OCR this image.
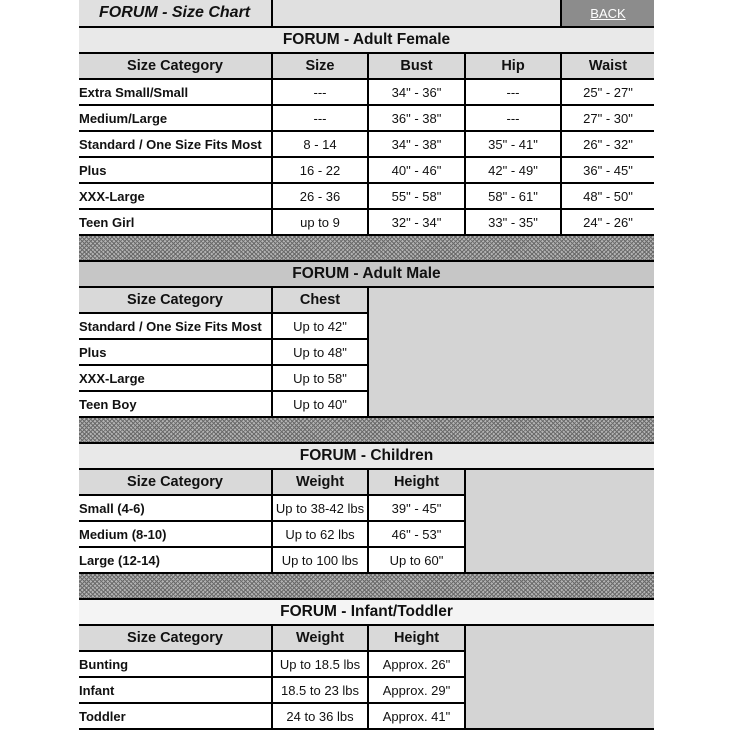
FORUM - Size Chart	BACK
FORUM - Adult Female
Size Category	Size	Bust	Hip	Waist
Extra Small/Small	---	34" - 36"	---	25" - 27"
Medium/Large	---	36" - 38"	---	27" - 30"
Standard / One Size Fits Most	8 - 14	34" - 38"	35" - 41"	26" - 32"
Plus	16 - 22	40" - 46"	42" - 49"	36" - 45"
XXX-Large	26 - 36	55" - 58"	58" - 61"	48" - 50"
Teen Girl	up to 9	32" - 34"	33" - 35"	24" - 26"
FORUM - Adult Male
Size Category	Chest
Standard / One Size Fits Most	Up to 42"
Plus	Up to 48"
XXX-Large	Up to 58"
Teen Boy	Up to 40"
FORUM - Children
Size Category	Weight	Height
Small (4-6)	Up to 38-42 lbs	39" - 45"
Medium (8-10)	Up to 62 lbs	46" - 53"
Large (12-14)	Up to 100 lbs	Up to 60"
FORUM - Infant/Toddler
Size Category	Weight	Height
Bunting	Up to 18.5 lbs	Approx. 26"
Infant	18.5 to 23 lbs	Approx. 29"
Toddler	24 to 36 lbs	Approx. 41"
